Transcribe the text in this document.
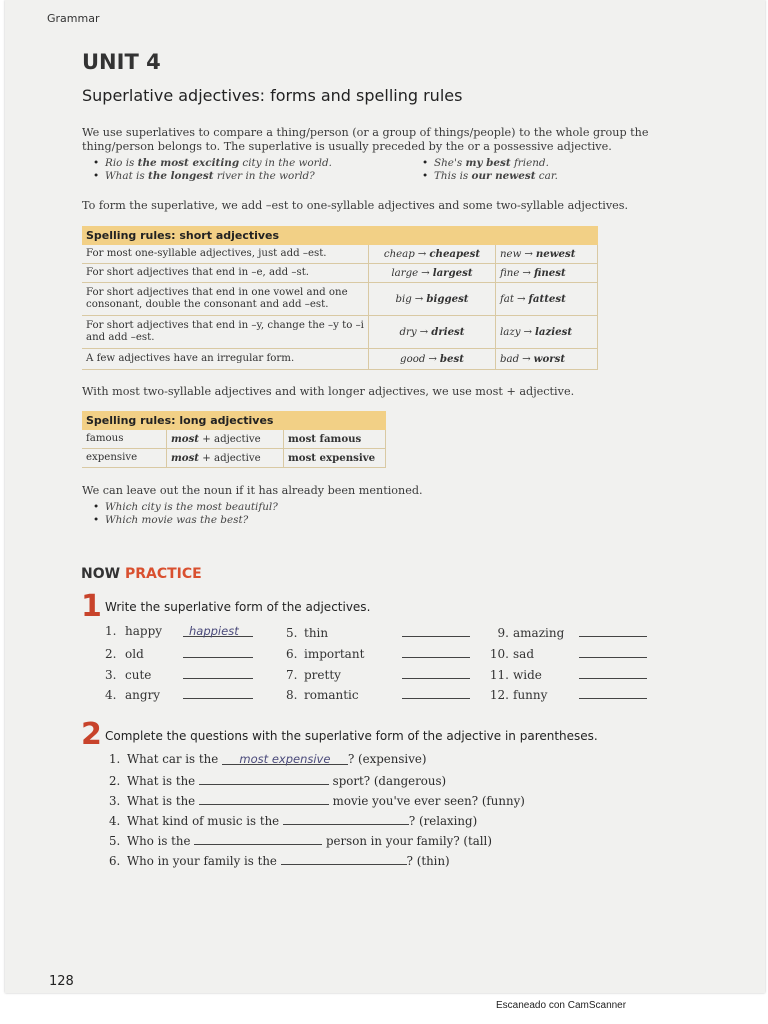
Grammar
UNIT 4
Superlative adjectives: forms and spelling rules

We use superlatives to compare a thing/person (or a group of things/people) to the whole group the thing/person belongs to. The superlative is usually preceded by the or a possessive adjective.

• Rio is the most exciting city in the world.
• What is the longest river in the world?
• She's my best friend.
• This is our newest car.

To form the superlative, we add –est to one-syllable adjectives and some two-syllable adjectives.

Spelling rules: short adjectives		
For most one-syllable adjectives, just add –est.	cheap → cheapest	new → newest
For short adjectives that end in –e, add –st.	large → largest	fine → finest
For short adjectives that end in one vowel and one consonant, double the consonant and add –est.	big → biggest	fat → fattest
For short adjectives that end in –y, change the –y to –i and add –est.	dry → driest	lazy → laziest
A few adjectives have an irregular form.	good → best	bad → worst

With most two-syllable adjectives and with longer adjectives, we use most + adjective.

Spelling rules: long adjectives		
famous	most + adjective	most famous
expensive	most + adjective	most expensive

We can leave out the noun if it has already been mentioned.

• Which city is the most beautiful?
• Which movie was the best?
NOW PRACTICE
1 Write the superlative form of the adjectives.
1. happy happiest
2. old
3. cute
4. angry
5. thin
6. important
7. pretty
8. romantic
9. amazing
10. sad
11. wide
12. funny
2 Complete the questions with the superlative form of the adjective in parentheses.
1. What car is the most expensive ? (expensive)
2. What is the	sport? (dangerous)
3. What is the	movie you've ever seen? (funny)
4. What kind of music is the	? (relaxing)
5. Who is the	person in your family? (tall)
6. Who in your family is the	? (thin)
128
Escaneado con CamScanner
